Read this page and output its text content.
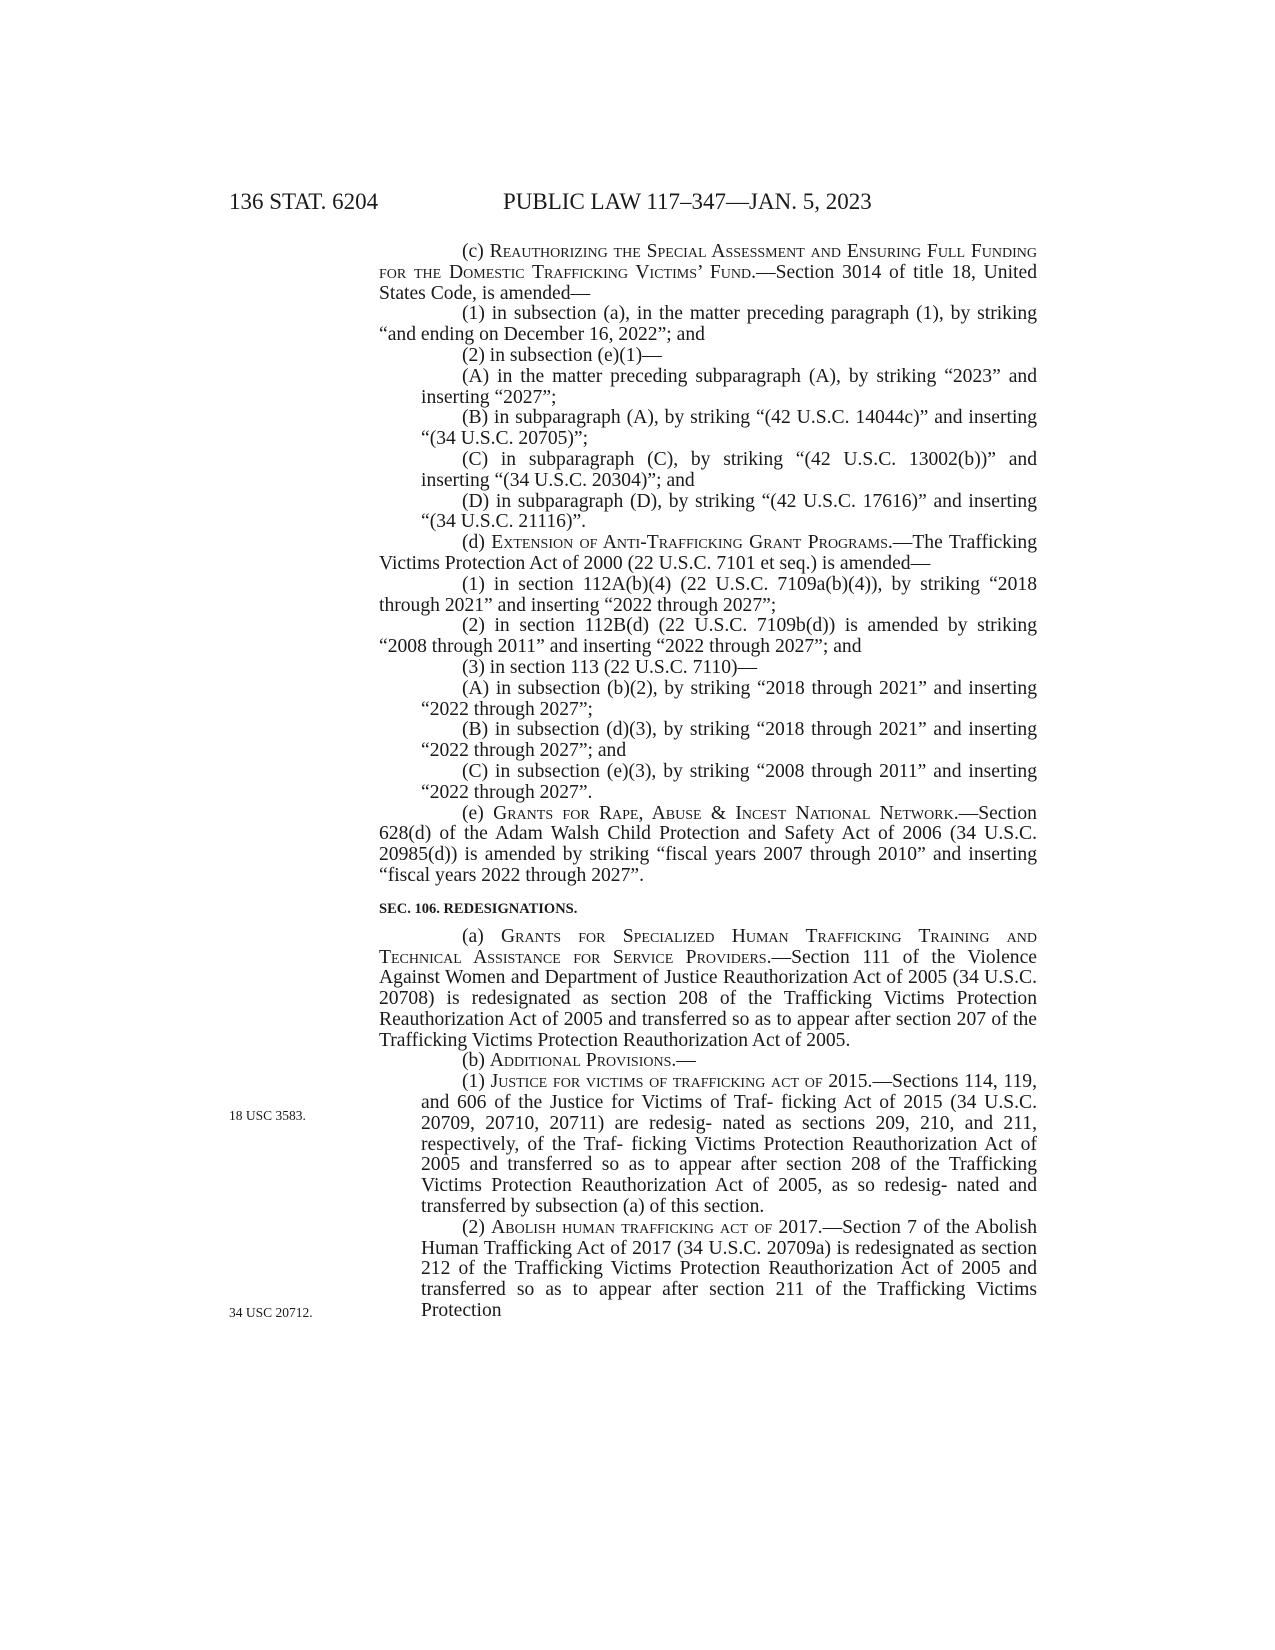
136 STAT. 6204	PUBLIC LAW 117–347—JAN. 5, 2023

(c) Reauthorizing the Special Assessment and Ensuring Full Funding for the Domestic Trafficking Victims’ Fund.—Section 3014 of title 18, United States Code, is amended—

(1) in subsection (a), in the matter preceding paragraph (1), by striking “and ending on December 16, 2022”; and

(2) in subsection (e)(1)—

(A) in the matter preceding subparagraph (A), by striking “2023” and inserting “2027”;

(B) in subparagraph (A), by striking “(42 U.S.C. 14044c)” and inserting “(34 U.S.C. 20705)”;

(C) in subparagraph (C), by striking “(42 U.S.C. 13002(b))” and inserting “(34 U.S.C. 20304)”; and

(D) in subparagraph (D), by striking “(42 U.S.C. 17616)” and inserting “(34 U.S.C. 21116)”.

(d) Extension of Anti-Trafficking Grant Programs.—The Trafficking Victims Protection Act of 2000 (22 U.S.C. 7101 et seq.) is amended—

(1) in section 112A(b)(4) (22 U.S.C. 7109a(b)(4)), by striking “2018 through 2021” and inserting “2022 through 2027”;

(2) in section 112B(d) (22 U.S.C. 7109b(d)) is amended by striking “2008 through 2011” and inserting “2022 through 2027”; and

(3) in section 113 (22 U.S.C. 7110)—

(A) in subsection (b)(2), by striking “2018 through 2021” and inserting “2022 through 2027”;

(B) in subsection (d)(3), by striking “2018 through 2021” and inserting “2022 through 2027”; and

(C) in subsection (e)(3), by striking “2008 through 2011” and inserting “2022 through 2027”.

(e) Grants for Rape, Abuse & Incest National Network.—Section 628(d) of the Adam Walsh Child Protection and Safety Act of 2006 (34 U.S.C. 20985(d)) is amended by striking “fiscal years 2007 through 2010” and inserting “fiscal years 2022 through 2027”.

SEC. 106. REDESIGNATIONS.

(a) Grants for Specialized Human Trafficking Training and Technical Assistance for Service Providers.—Section 111 of the Violence Against Women and Department of Justice Reauthorization Act of 2005 (34 U.S.C. 20708) is redesignated as section 208 of the Trafficking Victims Protection Reauthorization Act of 2005 and transferred so as to appear after section 207 of the Trafficking Victims Protection Reauthorization Act of 2005.

(b) Additional Provisions.—

(1) Justice for victims of trafficking act of 2015.—Sections 114, 119, and 606 of the Justice for Victims of Traf- ficking Act of 2015 (34 U.S.C. 20709, 20710, 20711) are redesig- nated as sections 209, 210, and 211, respectively, of the Traf- ficking Victims Protection Reauthorization Act of 2005 and transferred so as to appear after section 208 of the Trafficking Victims Protection Reauthorization Act of 2005, as so redesig- nated and transferred by subsection (a) of this section.

(2) Abolish human trafficking act of 2017.—Section 7 of the Abolish Human Trafficking Act of 2017 (34 U.S.C. 20709a) is redesignated as section 212 of the Trafficking Victims Protection Reauthorization Act of 2005 and transferred so as to appear after section 211 of the Trafficking Victims Protection

18 USC 3583.
34 USC 20712.
